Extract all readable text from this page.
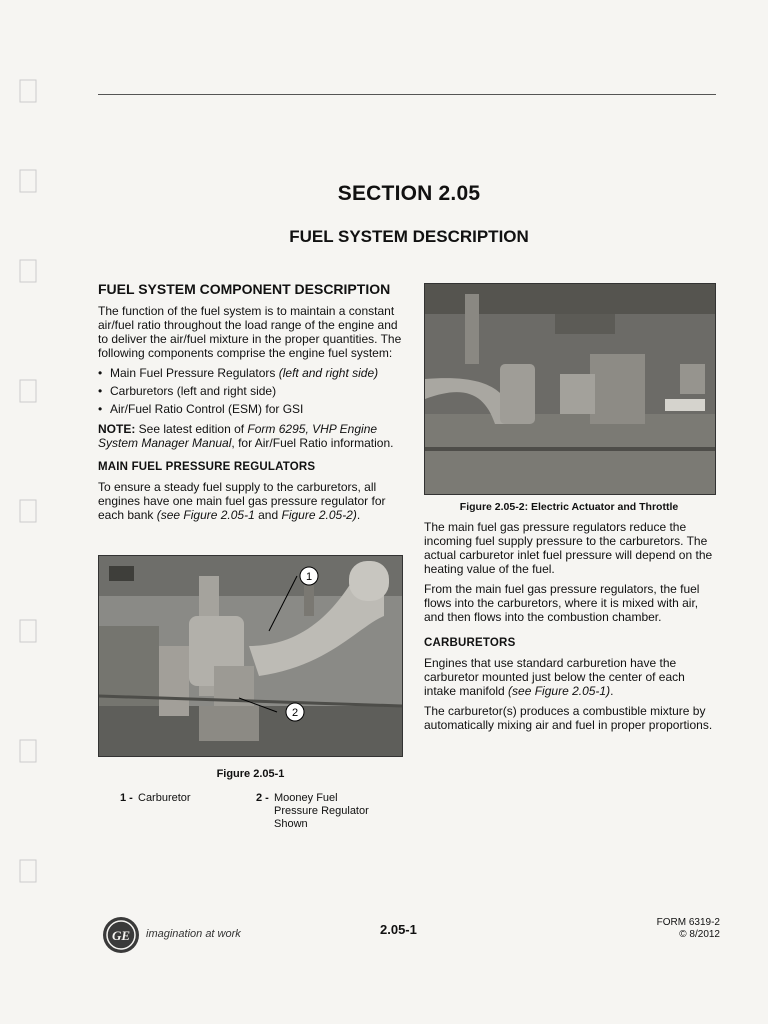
SECTION 2.05
FUEL SYSTEM DESCRIPTION
FUEL SYSTEM COMPONENT DESCRIPTION

The function of the fuel system is to maintain a constant air/fuel ratio throughout the load range of the engine and to deliver the air/fuel mixture in the proper quantities. The following components comprise the engine fuel system:

• Main Fuel Pressure Regulators (left and right side)
• Carburetors (left and right side)
• Air/Fuel Ratio Control (ESM) for GSI

NOTE: See latest edition of Form 6295, VHP Engine System Manager Manual, for Air/Fuel Ratio information.

MAIN FUEL PRESSURE REGULATORS

To ensure a steady fuel supply to the carburetors, all engines have one main fuel gas pressure regulator for each bank (see Figure 2.05-1 and Figure 2.05-2).

1
2
Figure 2.05-1
1 - Carburetor	2 - Mooney Fuel Pressure Regulator Shown
Figure 2.05-2: Electric Actuator and Throttle

The main fuel gas pressure regulators reduce the incoming fuel supply pressure to the carburetors. The actual carburetor inlet fuel pressure will depend on the heating value of the fuel.

From the main fuel gas pressure regulators, the fuel flows into the carburetors, where it is mixed with air, and then flows into the combustion chamber.

CARBURETORS

Engines that use standard carburetion have the carburetor mounted just below the center of each intake manifold (see Figure 2.05-1).

The carburetor(s) produces a combustible mixture by automatically mixing air and fuel in proper proportions.

GE imagination at work	2.05-1	FORM 6319-2
© 8/2012
